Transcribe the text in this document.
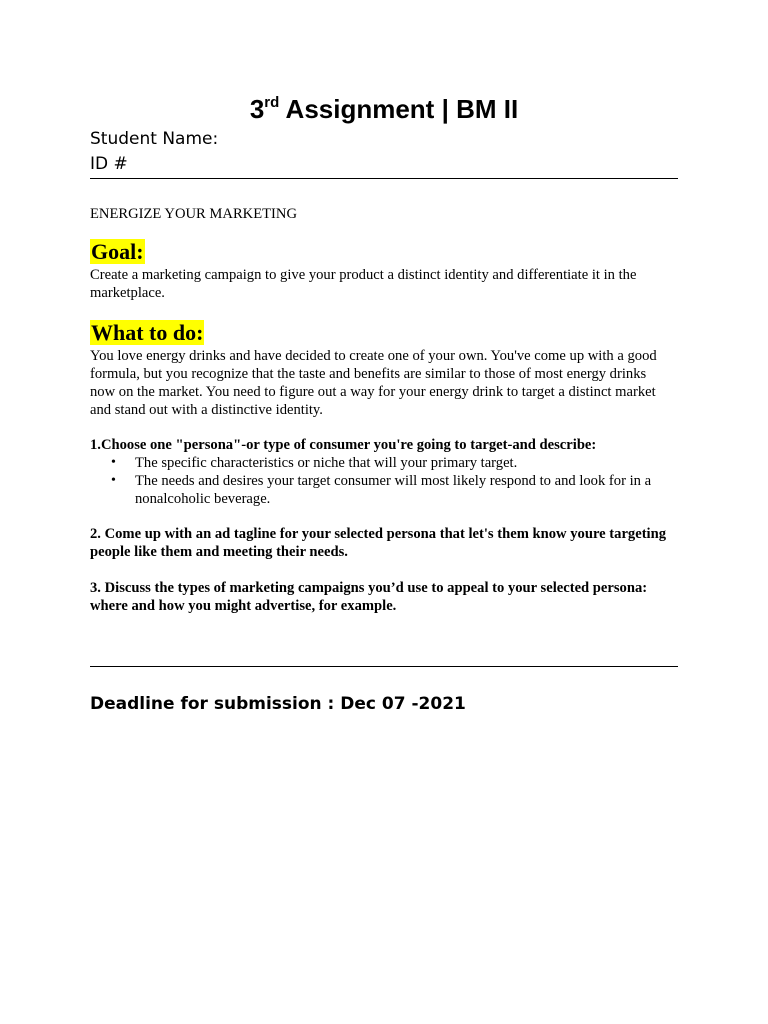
3rd Assignment | BM II
Student Name:
ID #
ENERGIZE YOUR MARKETING
Goal:
Create a marketing campaign to give your product a distinct identity and differentiate it in the marketplace.
What to do:
You love energy drinks and have decided to create one of your own. You've come up with a good formula, but you recognize that the taste and benefits are similar to those of most energy drinks now on the market. You need to figure out a way for your energy drink to target a distinct market and stand out with a distinctive identity.
1.Choose one "persona"-or type of consumer you're going to target-and describe:
• The specific characteristics or niche that will your primary target.
• The needs and desires your target consumer will most likely respond to and look for in a nonalcoholic beverage.
2. Come up with an ad tagline for your selected persona that let's them know youre targeting people like them and meeting their needs.
3. Discuss the types of marketing campaigns you’d use to appeal to your selected persona: where and how you might advertise, for example.
Deadline for submission : Dec 07 -2021
